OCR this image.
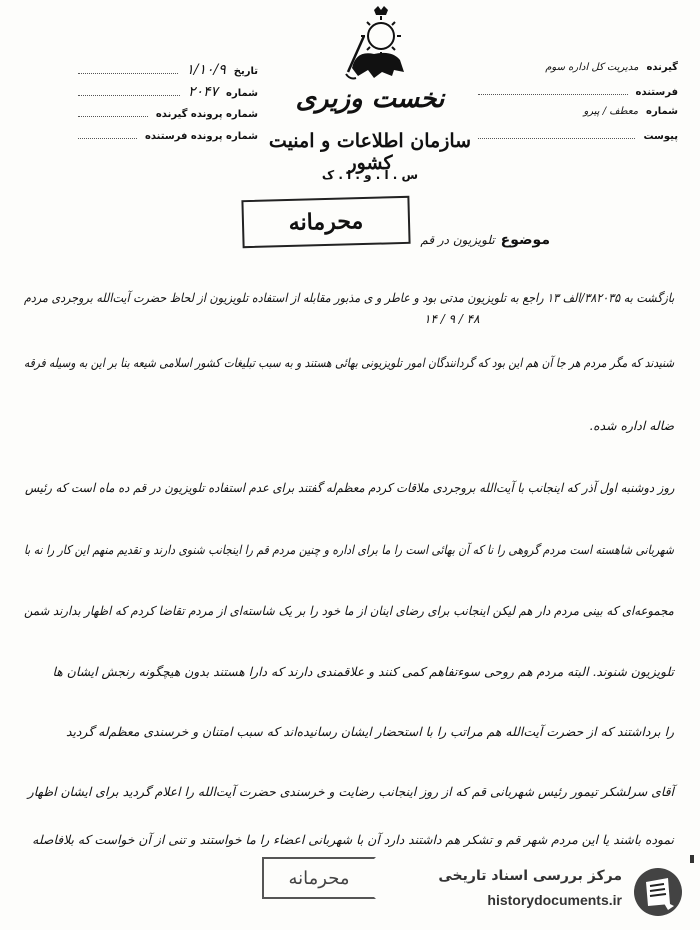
نخست وزیری
سازمان اطلاعات و امنیت کشور
س . ا . و . ا . ک
تاریخ
۱/۱۰/۹
شماره
۲۰۴۷
شماره پرونده گیرنده
شماره پرونده فرستنده
گیرنده
مدیریت کل اداره سوم
فرستنده
شماره
معطف / پیرو
پیوست
محرمانه
موضوع
تلویزیون در قم
بازگشت به ۳۸۲۰۳۵/الف ۱۳ راجع به تلویزیون مدتی بود و عاطر و ی مذبور مقابله از استفاده تلویزیون از لحاظ حضرت آیت‌الله بروجردی مردم
۱۴ / ۹ / ۴۸
شنیدند که مگر مردم هر جا آن هم این بود که گردانندگان امور تلویزیونی بهائی هستند و به سبب تبلیغات کشور اسلامی شیعه بنا بر این به وسیله فرقه
ضاله اداره شده.
روز دوشنبه اول آذر که اینجانب با آیت‌الله بروجردی ملاقات کردم معظم‌له گفتند برای عدم استفاده تلویزیون در قم ده ماه است که رئیس
شهربانی شاهسته است مردم گروهی را نا که آن بهائی است را ما برای اداره و چنین مردم قم را اینجانب شنوی دارند و تقدیم منهم این کار را نه با
مجموعه‌ای که بینی مردم دار هم لیکن اینجانب برای رضای اینان از ما خود را بر یک شاسته‌ای از مردم تقاضا کردم که اظهار بدارند شمن
تلویزیون شنوند. البته مردم هم روحی سوءتفاهم کمی کنند و علاقمندی دارند که دارا هستند بدون هیچگونه رنجش ایشان ها
را برداشتند که از حضرت آیت‌الله هم مراتب را با استحضار ایشان رسانیده‌اند که سبب امتنان و خرسندی معظم‌له گردید
آقای سرلشکر تیمور رئیس شهربانی قم که از روز اینجانب رضایت و خرسندی حضرت آیت‌الله را اعلام گردید برای ایشان اظهار
نموده باشند یا این مردم شهر قم و تشکر هم داشتند دارد آن با شهربانی اعضاء را ما خواستند و تنی از آن خواست که بلافاصله
محرمانه	مرکز بررسی اسناد تاریخی
historydocuments.ir
